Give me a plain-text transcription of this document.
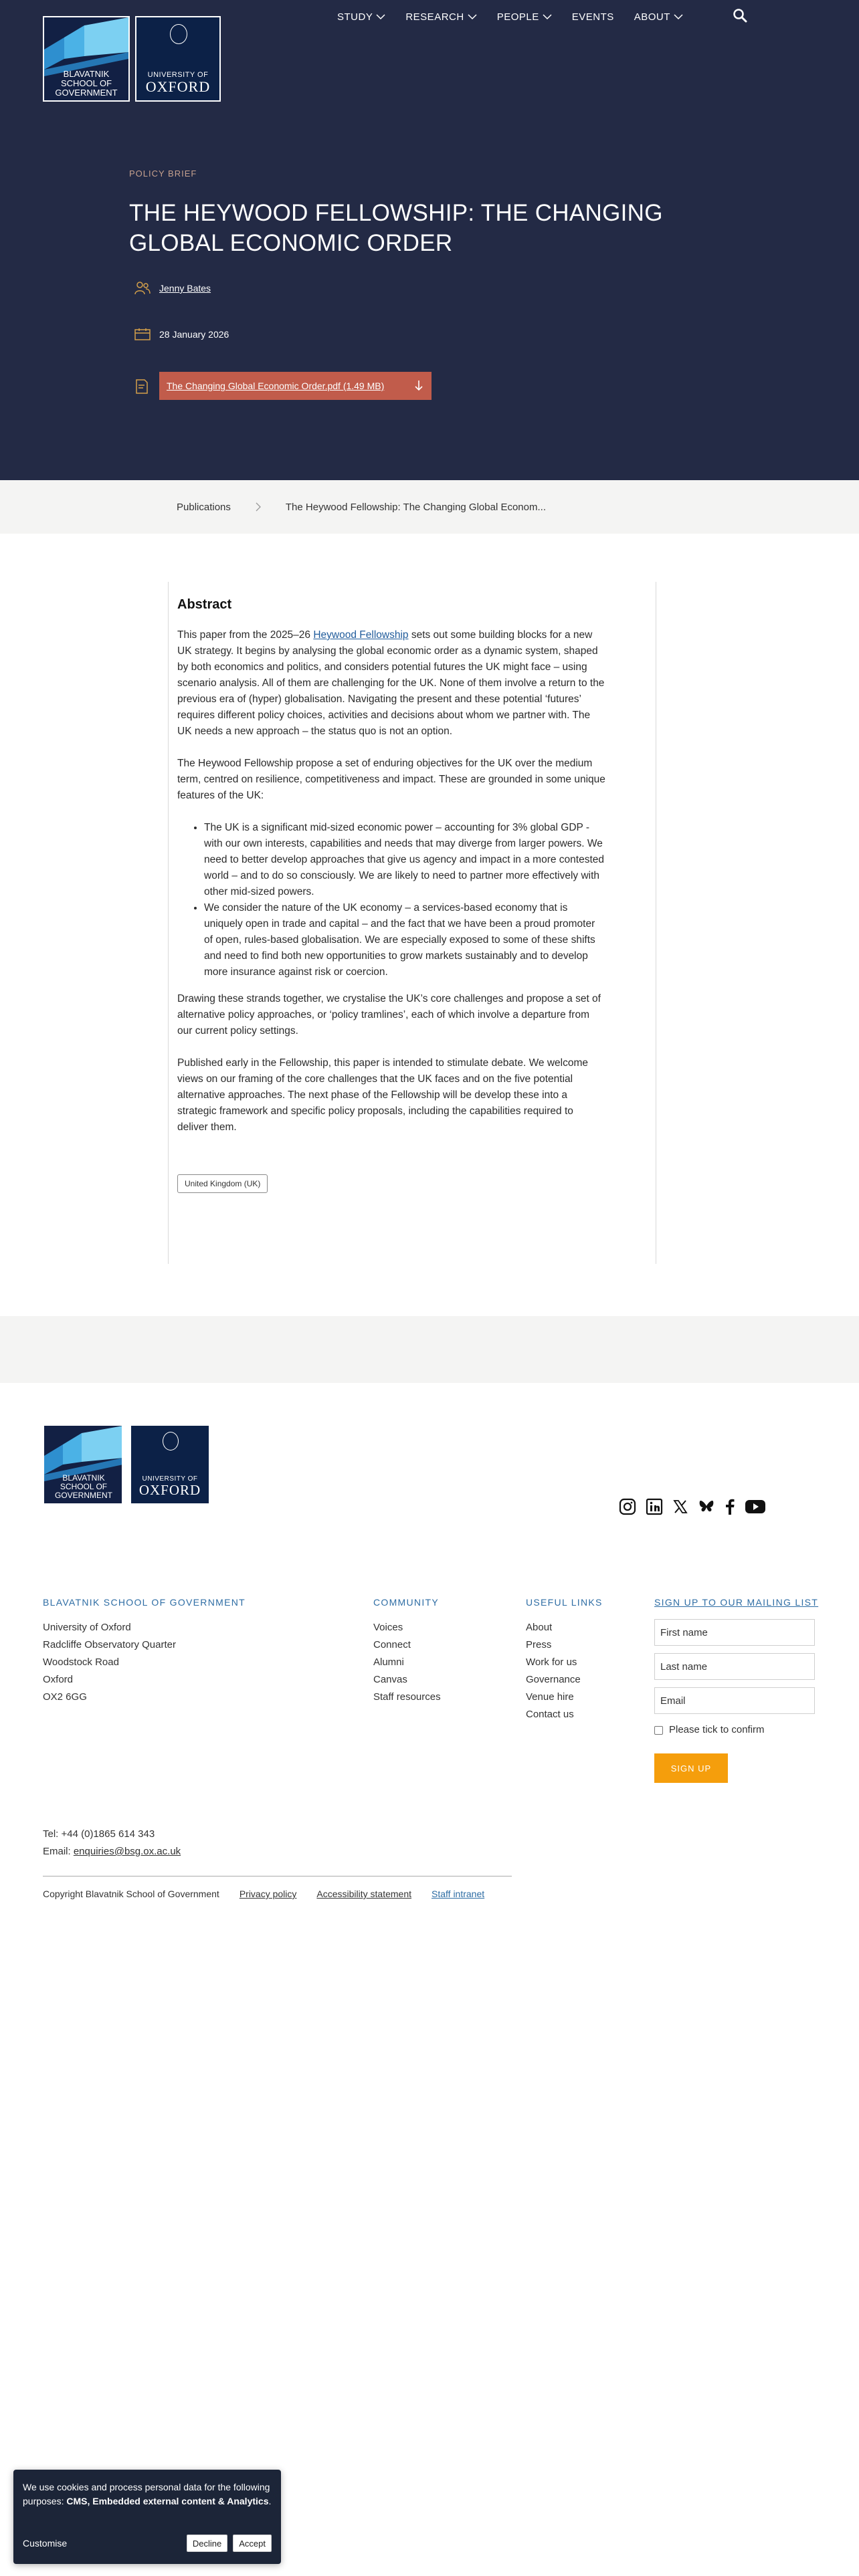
BLAVATNIK
SCHOOL OF
GOVERNMENT
UNIVERSITY OF
OXFORD
STUDY	RESEARCH	PEOPLE	EVENTS ABOUT
POLICY BRIEF
THE HEYWOOD FELLOWSHIP: THE CHANGING GLOBAL ECONOMIC ORDER
Jenny Bates
28 January 2026
The Changing Global Economic Order.pdf (1.49 MB)
Publications	The Heywood Fellowship: The Changing Global Econom...
Abstract

This paper from the 2025–26 Heywood Fellowship sets out some building blocks for a new UK strategy. It begins by analysing the global economic order as a dynamic system, shaped by both economics and politics, and considers potential futures the UK might face – using scenario analysis. All of them are challenging for the UK. None of them involve a return to the previous era of (hyper) globalisation. Navigating the present and these potential ‘futures’ requires different policy choices, activities and decisions about whom we partner with. The UK needs a new approach – the status quo is not an option.

The Heywood Fellowship propose a set of enduring objectives for the UK over the medium term, centred on resilience, competitiveness and impact. These are grounded in some unique features of the UK:

• The UK is a significant mid-sized economic power – accounting for 3% global GDP - with our own interests, capabilities and needs that may diverge from larger powers. We need to better develop approaches that give us agency and impact in a more contested world – and to do so consciously. We are likely to need to partner more effectively with other mid-sized powers.
• We consider the nature of the UK economy – a services-based economy that is uniquely open in trade and capital – and the fact that we have been a proud promoter of open, rules-based globalisation. We are especially exposed to some of these shifts and need to find both new opportunities to grow markets sustainably and to develop more insurance against risk or coercion.

Drawing these strands together, we crystalise the UK’s core challenges and propose a set of alternative policy approaches, or ‘policy tramlines’, each of which involve a departure from our current policy settings.

Published early in the Fellowship, this paper is intended to stimulate debate. We welcome views on our framing of the core challenges that the UK faces and on the five potential alternative approaches. The next phase of the Fellowship will be develop these into a strategic framework and specific policy proposals, including the capabilities required to deliver them.

United Kingdom (UK)
BLAVATNIK
SCHOOL OF
GOVERNMENT
UNIVERSITY OF
OXFORD
BLAVATNIK SCHOOL OF GOVERNMENT
University of Oxford
Radcliffe Observatory Quarter
Woodstock Road
Oxford
OX2 6GG
COMMUNITY
Voices
Connect
Alumni
Canvas
Staff resources
USEFUL LINKS
About
Press
Work for us
Governance
Venue hire
Contact us
SIGN UP TO OUR MAILING LIST
First name
Last name
Email
Please tick to confirm
SIGN UP
Tel: +44 (0)1865 614 343
Email: enquiries@bsg.ox.ac.uk
Copyright Blavatnik School of Government Privacy policy Accessibility statement Staff intranet
We use cookies and process personal data for the following purposes: CMS, Embedded external content & Analytics.
Customise	Decline	Accept
